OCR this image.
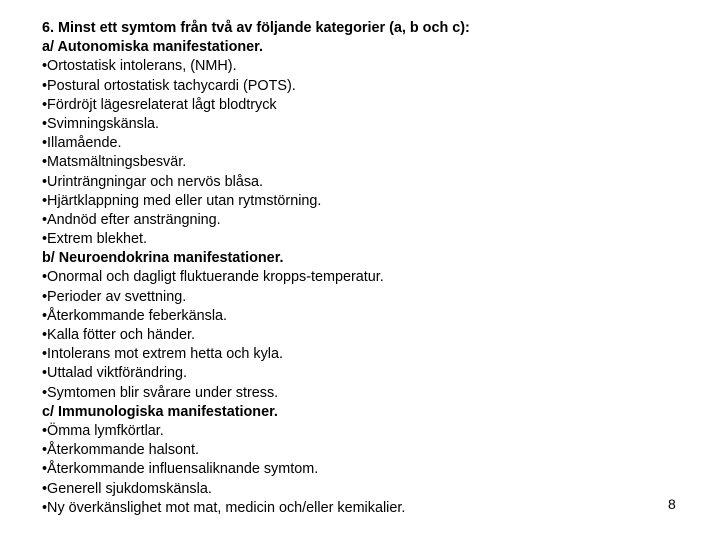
6. Minst ett symtom från två av följande kategorier (a, b och c):
a/ Autonomiska manifestationer.
•Ortostatisk intolerans, (NMH).
•Postural ortostatisk tachycardi (POTS).
•Fördröjt lägesrelaterat lågt blodtryck
•Svimningskänsla.
•Illamående.
•Matsmältningsbesvär.
•Urinträngningar och nervös blåsa.
•Hjärtklappning med eller utan rytmstörning.
•Andnöd efter ansträngning.
•Extrem blekhet.
b/ Neuroendokrina manifestationer.
•Onormal och dagligt fluktuerande kropps-temperatur.
•Perioder av svettning.
•Återkommande feberkänsla.
•Kalla fötter och händer.
•Intolerans mot extrem hetta och kyla.
•Uttalad viktförändring.
•Symtomen blir svårare under stress.
c/ Immunologiska manifestationer.
•Ömma lymfkörtlar.
•Återkommande halsont.
•Återkommande influensaliknande symtom.
•Generell sjukdomskänsla.
•Ny överkänslighet mot mat, medicin och/eller kemikalier.	8
